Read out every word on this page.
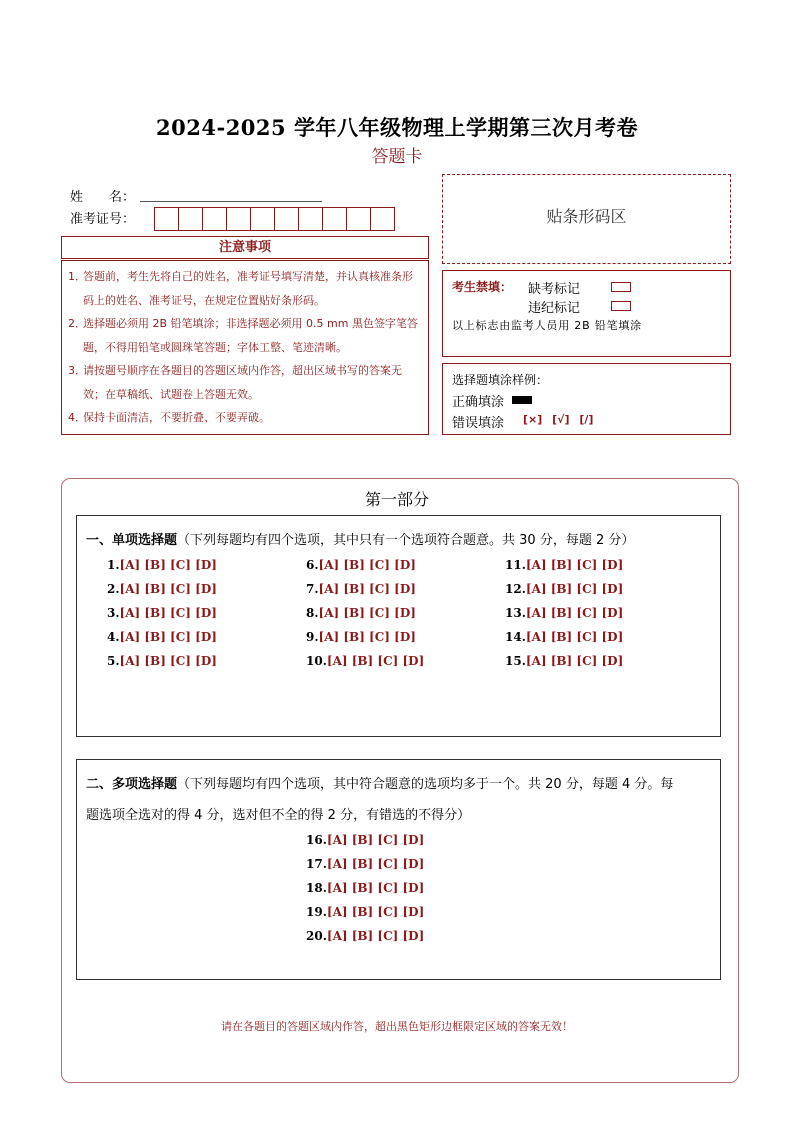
2024-2025 学年八年级物理上学期第三次月考卷
答题卡
姓　　名：
准考证号：
注意事项
1．
答题前，考生先将自己的姓名，准考证号填写清楚，并认真核准条形码上的姓名、准考证号，在规定位置贴好条形码。
2．
选择题必须用 2B 铅笔填涂；非选择题必须用 0.5 mm 黑色签字笔答题，不得用铅笔或圆珠笔答题；字体工整、笔迹清晰。
3．
请按题号顺序在各题目的答题区域内作答，超出区域书写的答案无效；在草稿纸、试题卷上答题无效。
4．
保持卡面清洁，不要折叠、不要弄破。
贴条形码区
考生禁填： 缺考标记
违纪标记
以上标志由监考人员用 2B 铅笔填涂
选择题填涂样例：
正确填涂
错误填涂 [×] [√] [/]
第一部分
一、单项选择题（下列每题均有四个选项，其中只有一个选项符合题意。共 30 分，每题 2 分）
1.[A] [B] [C] [D]
2.[A] [B] [C] [D]
3.[A] [B] [C] [D]
4.[A] [B] [C] [D]
5.[A] [B] [C] [D]
6.[A] [B] [C] [D]
7.[A] [B] [C] [D]
8.[A] [B] [C] [D]
9.[A] [B] [C] [D]
10.[A] [B] [C] [D]
11.[A] [B] [C] [D]
12.[A] [B] [C] [D]
13.[A] [B] [C] [D]
14.[A] [B] [C] [D]
15.[A] [B] [C] [D]
二、多项选择题（下列每题均有四个选项，其中符合题意的选项均多于一个。共 20 分，每题 4 分。每
题选项全选对的得 4 分，选对但不全的得 2 分，有错选的不得分）
16.[A] [B] [C] [D]
17.[A] [B] [C] [D]
18.[A] [B] [C] [D]
19.[A] [B] [C] [D]
20.[A] [B] [C] [D]
请在各题目的答题区域内作答，超出黑色矩形边框限定区域的答案无效！
